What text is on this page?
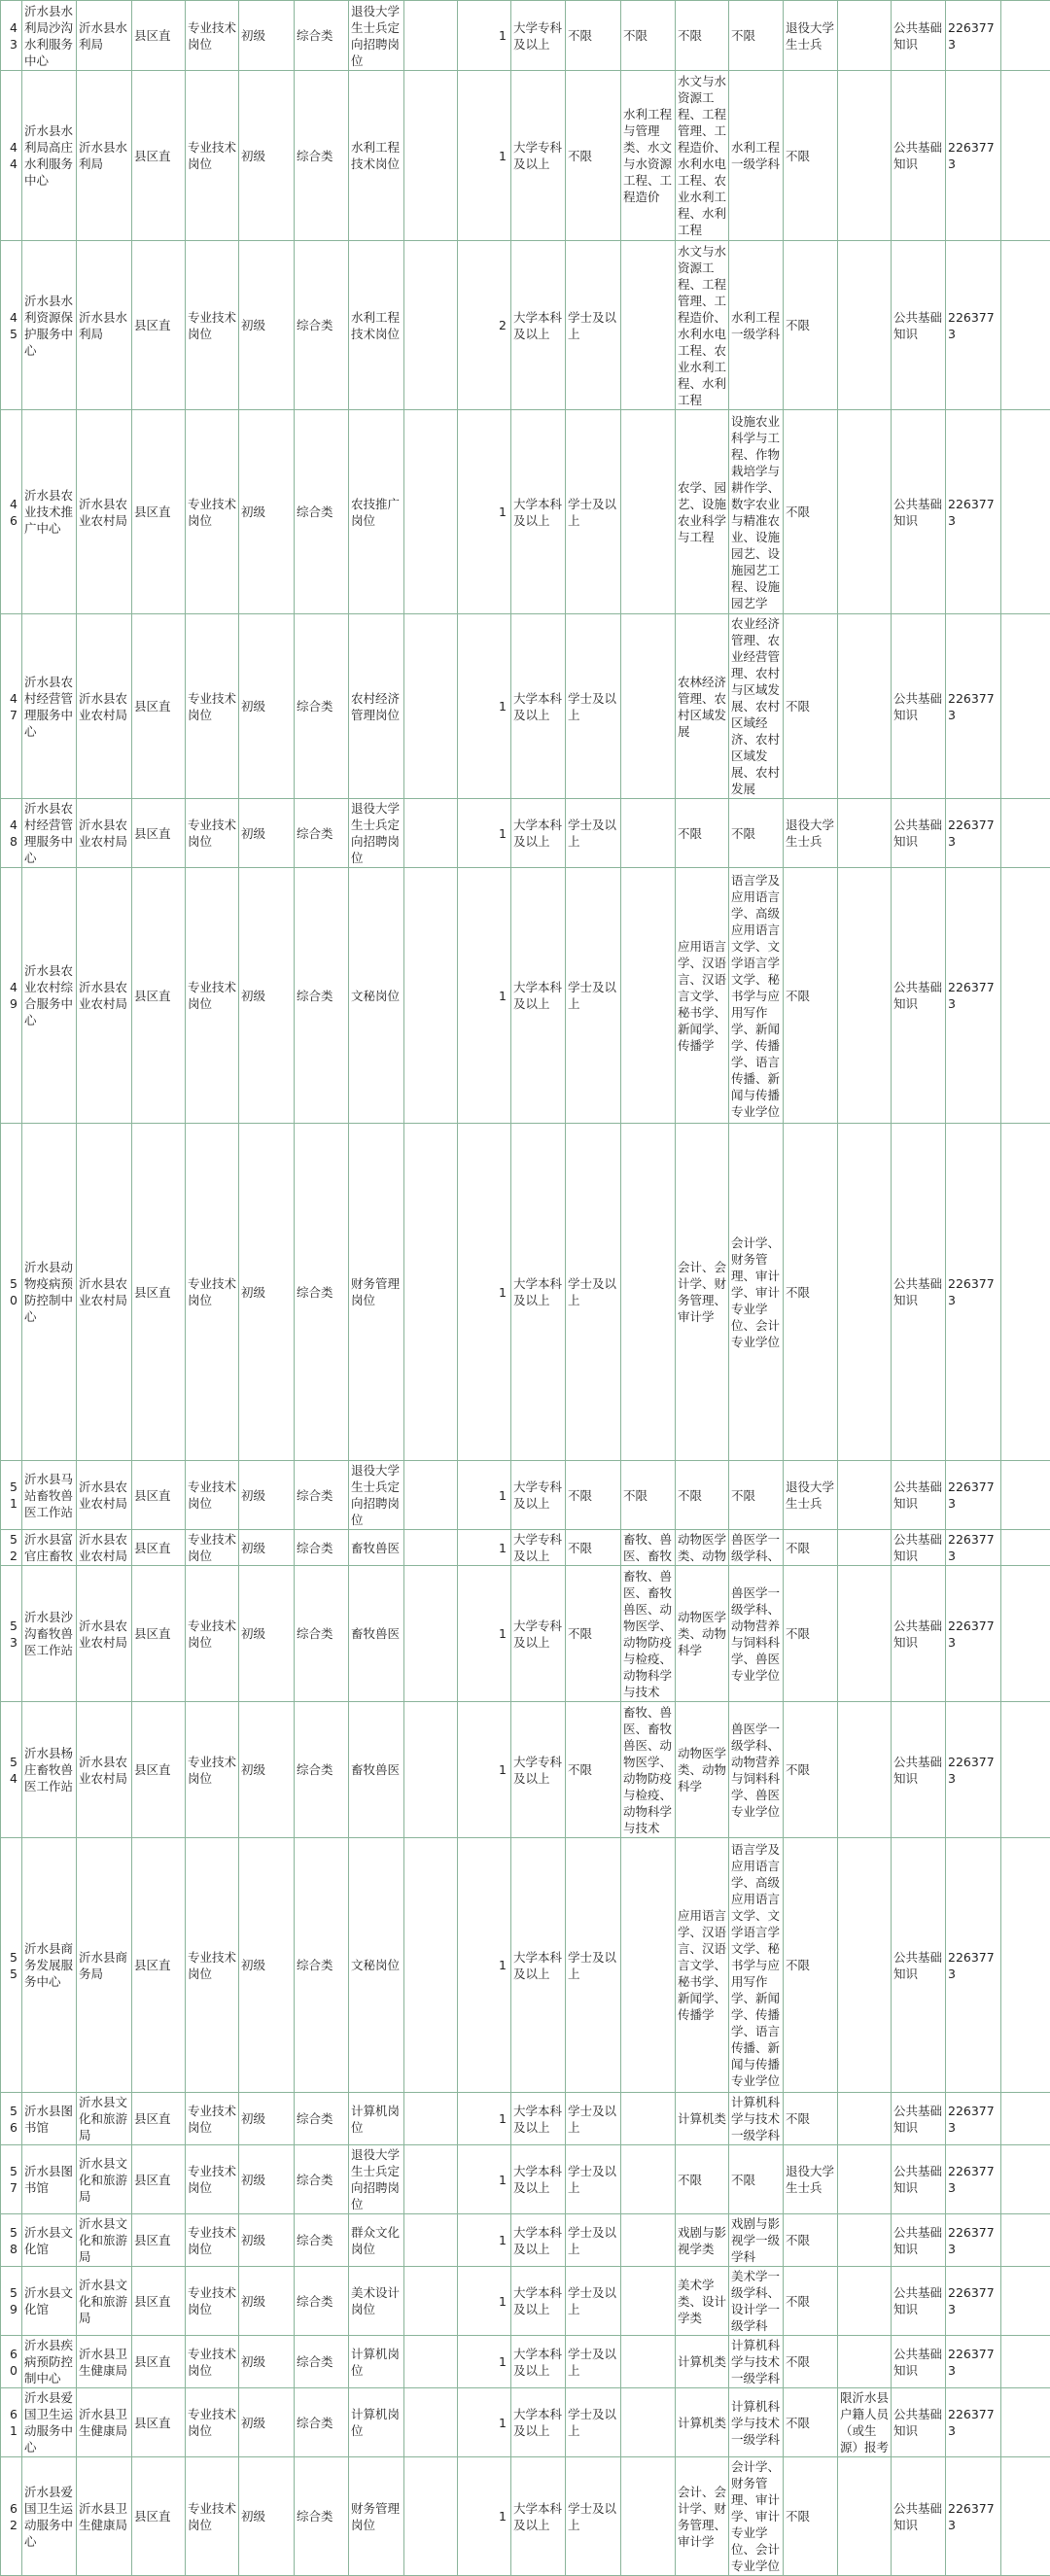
43	沂水县水利局沙沟水利服务中心	沂水县水利局	县区直	专业技术岗位	初级	综合类	退役大学生士兵定向招聘岗位		1	大学专科及以上	不限	不限	不限	不限	退役大学生士兵		公共基础知识	2263773		
44	沂水县水利局高庄水利服务中心	沂水县水利局	县区直	专业技术岗位	初级	综合类	水利工程技术岗位		1	大学专科及以上	不限	水利工程与管理类、水文与水资源工程、工程造价	水文与水资源工程、工程管理、工程造价、水利水电工程、农业水利工程、水利工程	水利工程一级学科	不限		公共基础知识	2263773		
45	沂水县水利资源保护服务中心	沂水县水利局	县区直	专业技术岗位	初级	综合类	水利工程技术岗位		2	大学本科及以上	学士及以上		水文与水资源工程、工程管理、工程造价、水利水电工程、农业水利工程、水利工程	水利工程一级学科	不限		公共基础知识	2263773		
46	沂水县农业技术推广中心	沂水县农业农村局	县区直	专业技术岗位	初级	综合类	农技推广岗位		1	大学本科及以上	学士及以上		农学、园艺、设施农业科学与工程	设施农业科学与工程、作物栽培学与耕作学、数字农业与精准农业、设施园艺、设施园艺工程、设施园艺学	不限		公共基础知识	2263773		
47	沂水县农村经营管理服务中心	沂水县农业农村局	县区直	专业技术岗位	初级	综合类	农村经济管理岗位		1	大学本科及以上	学士及以上		农林经济管理、农村区域发展	农业经济管理、农业经营管理、农村与区域发展、农村区域经济、农村区域发展、农村发展	不限		公共基础知识	2263773		
48	沂水县农村经营管理服务中心	沂水县农业农村局	县区直	专业技术岗位	初级	综合类	退役大学生士兵定向招聘岗位		1	大学本科及以上	学士及以上		不限	不限	退役大学生士兵		公共基础知识	2263773		
49	沂水县农业农村综合服务中心	沂水县农业农村局	县区直	专业技术岗位	初级	综合类	文秘岗位		1	大学本科及以上	学士及以上		应用语言学、汉语言、汉语言文学、秘书学、新闻学、传播学	语言学及应用语言学、高级应用语言文学、文学语言学文学、秘书学与应用写作学、新闻学、传播学、语言传播、新闻与传播专业学位	不限		公共基础知识	2263773		
50	沂水县动物疫病预防控制中心	沂水县农业农村局	县区直	专业技术岗位	初级	综合类	财务管理岗位		1	大学本科及以上	学士及以上		会计、会计学、财务管理、审计学	会计学、财务管理、审计学、审计专业学位、会计专业学位	不限		公共基础知识	2263773		
51	沂水县马站畜牧兽医工作站	沂水县农业农村局	县区直	专业技术岗位	初级	综合类	退役大学生士兵定向招聘岗位		1	大学专科及以上	不限	不限	不限	不限	退役大学生士兵		公共基础知识	2263773		
52	沂水县富官庄畜牧	沂水县农业农村局	县区直	专业技术岗位	初级	综合类	畜牧兽医		1	大学专科及以上	不限	畜牧、兽医、畜牧	动物医学类、动物	兽医学一级学科、	不限		公共基础知识	2263773		
53	沂水县沙沟畜牧兽医工作站	沂水县农业农村局	县区直	专业技术岗位	初级	综合类	畜牧兽医		1	大学专科及以上	不限	畜牧、兽医、畜牧兽医、动物医学、动物防疫与检疫、动物科学与技术	动物医学类、动物科学	兽医学一级学科、动物营养与饲料科学、兽医专业学位	不限		公共基础知识	2263773		
54	沂水县杨庄畜牧兽医工作站	沂水县农业农村局	县区直	专业技术岗位	初级	综合类	畜牧兽医		1	大学专科及以上	不限	畜牧、兽医、畜牧兽医、动物医学、动物防疫与检疫、动物科学与技术	动物医学类、动物科学	兽医学一级学科、动物营养与饲料科学、兽医专业学位	不限		公共基础知识	2263773		
55	沂水县商务发展服务中心	沂水县商务局	县区直	专业技术岗位	初级	综合类	文秘岗位		1	大学本科及以上	学士及以上		应用语言学、汉语言、汉语言文学、秘书学、新闻学、传播学	语言学及应用语言学、高级应用语言文学、文学语言学文学、秘书学与应用写作学、新闻学、传播学、语言传播、新闻与传播专业学位	不限		公共基础知识	2263773		
56	沂水县图书馆	沂水县文化和旅游局	县区直	专业技术岗位	初级	综合类	计算机岗位		1	大学本科及以上	学士及以上		计算机类	计算机科学与技术一级学科	不限		公共基础知识	2263773		
57	沂水县图书馆	沂水县文化和旅游局	县区直	专业技术岗位	初级	综合类	退役大学生士兵定向招聘岗位		1	大学本科及以上	学士及以上		不限	不限	退役大学生士兵		公共基础知识	2263773		
58	沂水县文化馆	沂水县文化和旅游局	县区直	专业技术岗位	初级	综合类	群众文化岗位		1	大学本科及以上	学士及以上		戏剧与影视学类	戏剧与影视学一级学科	不限		公共基础知识	2263773		
59	沂水县文化馆	沂水县文化和旅游局	县区直	专业技术岗位	初级	综合类	美术设计岗位		1	大学本科及以上	学士及以上		美术学类、设计学类	美术学一级学科、设计学一级学科	不限		公共基础知识	2263773		
60	沂水县疾病预防控制中心	沂水县卫生健康局	县区直	专业技术岗位	初级	综合类	计算机岗位		1	大学本科及以上	学士及以上		计算机类	计算机科学与技术一级学科	不限		公共基础知识	2263773		
61	沂水县爱国卫生运动服务中心	沂水县卫生健康局	县区直	专业技术岗位	初级	综合类	计算机岗位		1	大学本科及以上	学士及以上		计算机类	计算机科学与技术一级学科	不限	限沂水县户籍人员（或生源）报考	公共基础知识	2263773		
62	沂水县爱国卫生运动服务中心	沂水县卫生健康局	县区直	专业技术岗位	初级	综合类	财务管理岗位		1	大学本科及以上	学士及以上		会计、会计学、财务管理、审计学	会计学、财务管理、审计学、审计专业学位、会计专业学位	不限		公共基础知识	2263773		
